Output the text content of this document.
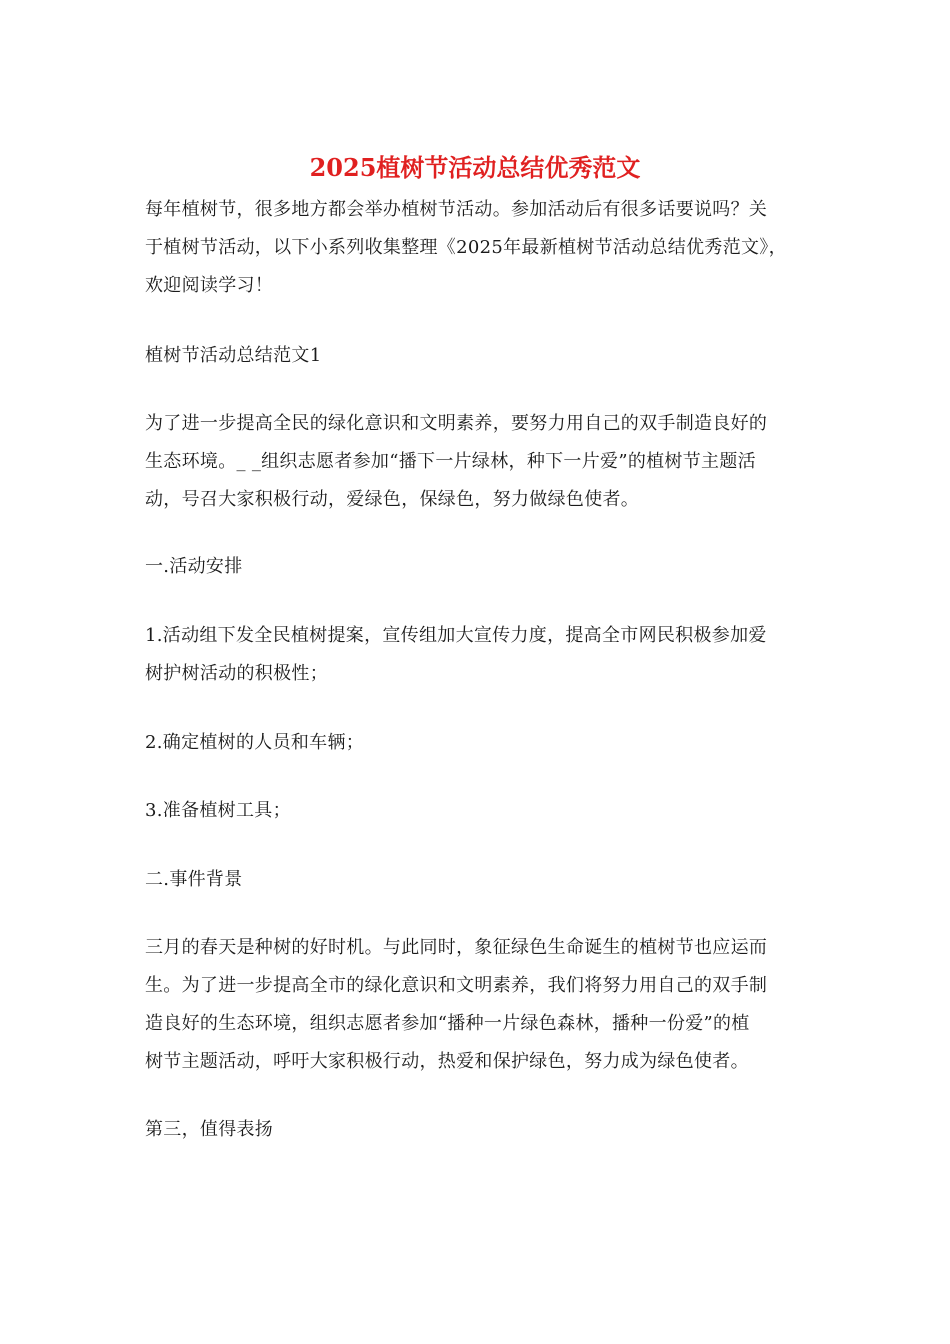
2025植树节活动总结优秀范文

每年植树节，很多地方都会举办植树节活动。参加活动后有很多话要说吗？关
于植树节活动，以下小系列收集整理《2025年最新植树节活动总结优秀范文》，
欢迎阅读学习！

植树节活动总结范文1

为了进一步提高全民的绿化意识和文明素养，要努力用自己的双手制造良好的
生态环境。_ _组织志愿者参加“播下一片绿林，种下一片爱”的植树节主题活
动，号召大家积极行动，爱绿色，保绿色，努力做绿色使者。

一.活动安排

1.活动组下发全民植树提案，宣传组加大宣传力度，提高全市网民积极参加爱
树护树活动的积极性；

2.确定植树的人员和车辆；

3.准备植树工具；

二.事件背景

三月的春天是种树的好时机。与此同时，象征绿色生命诞生的植树节也应运而
生。为了进一步提高全市的绿化意识和文明素养，我们将努力用自己的双手制
造良好的生态环境，组织志愿者参加“播种一片绿色森林，播种一份爱”的植
树节主题活动，呼吁大家积极行动，热爱和保护绿色，努力成为绿色使者。

第三，值得表扬
